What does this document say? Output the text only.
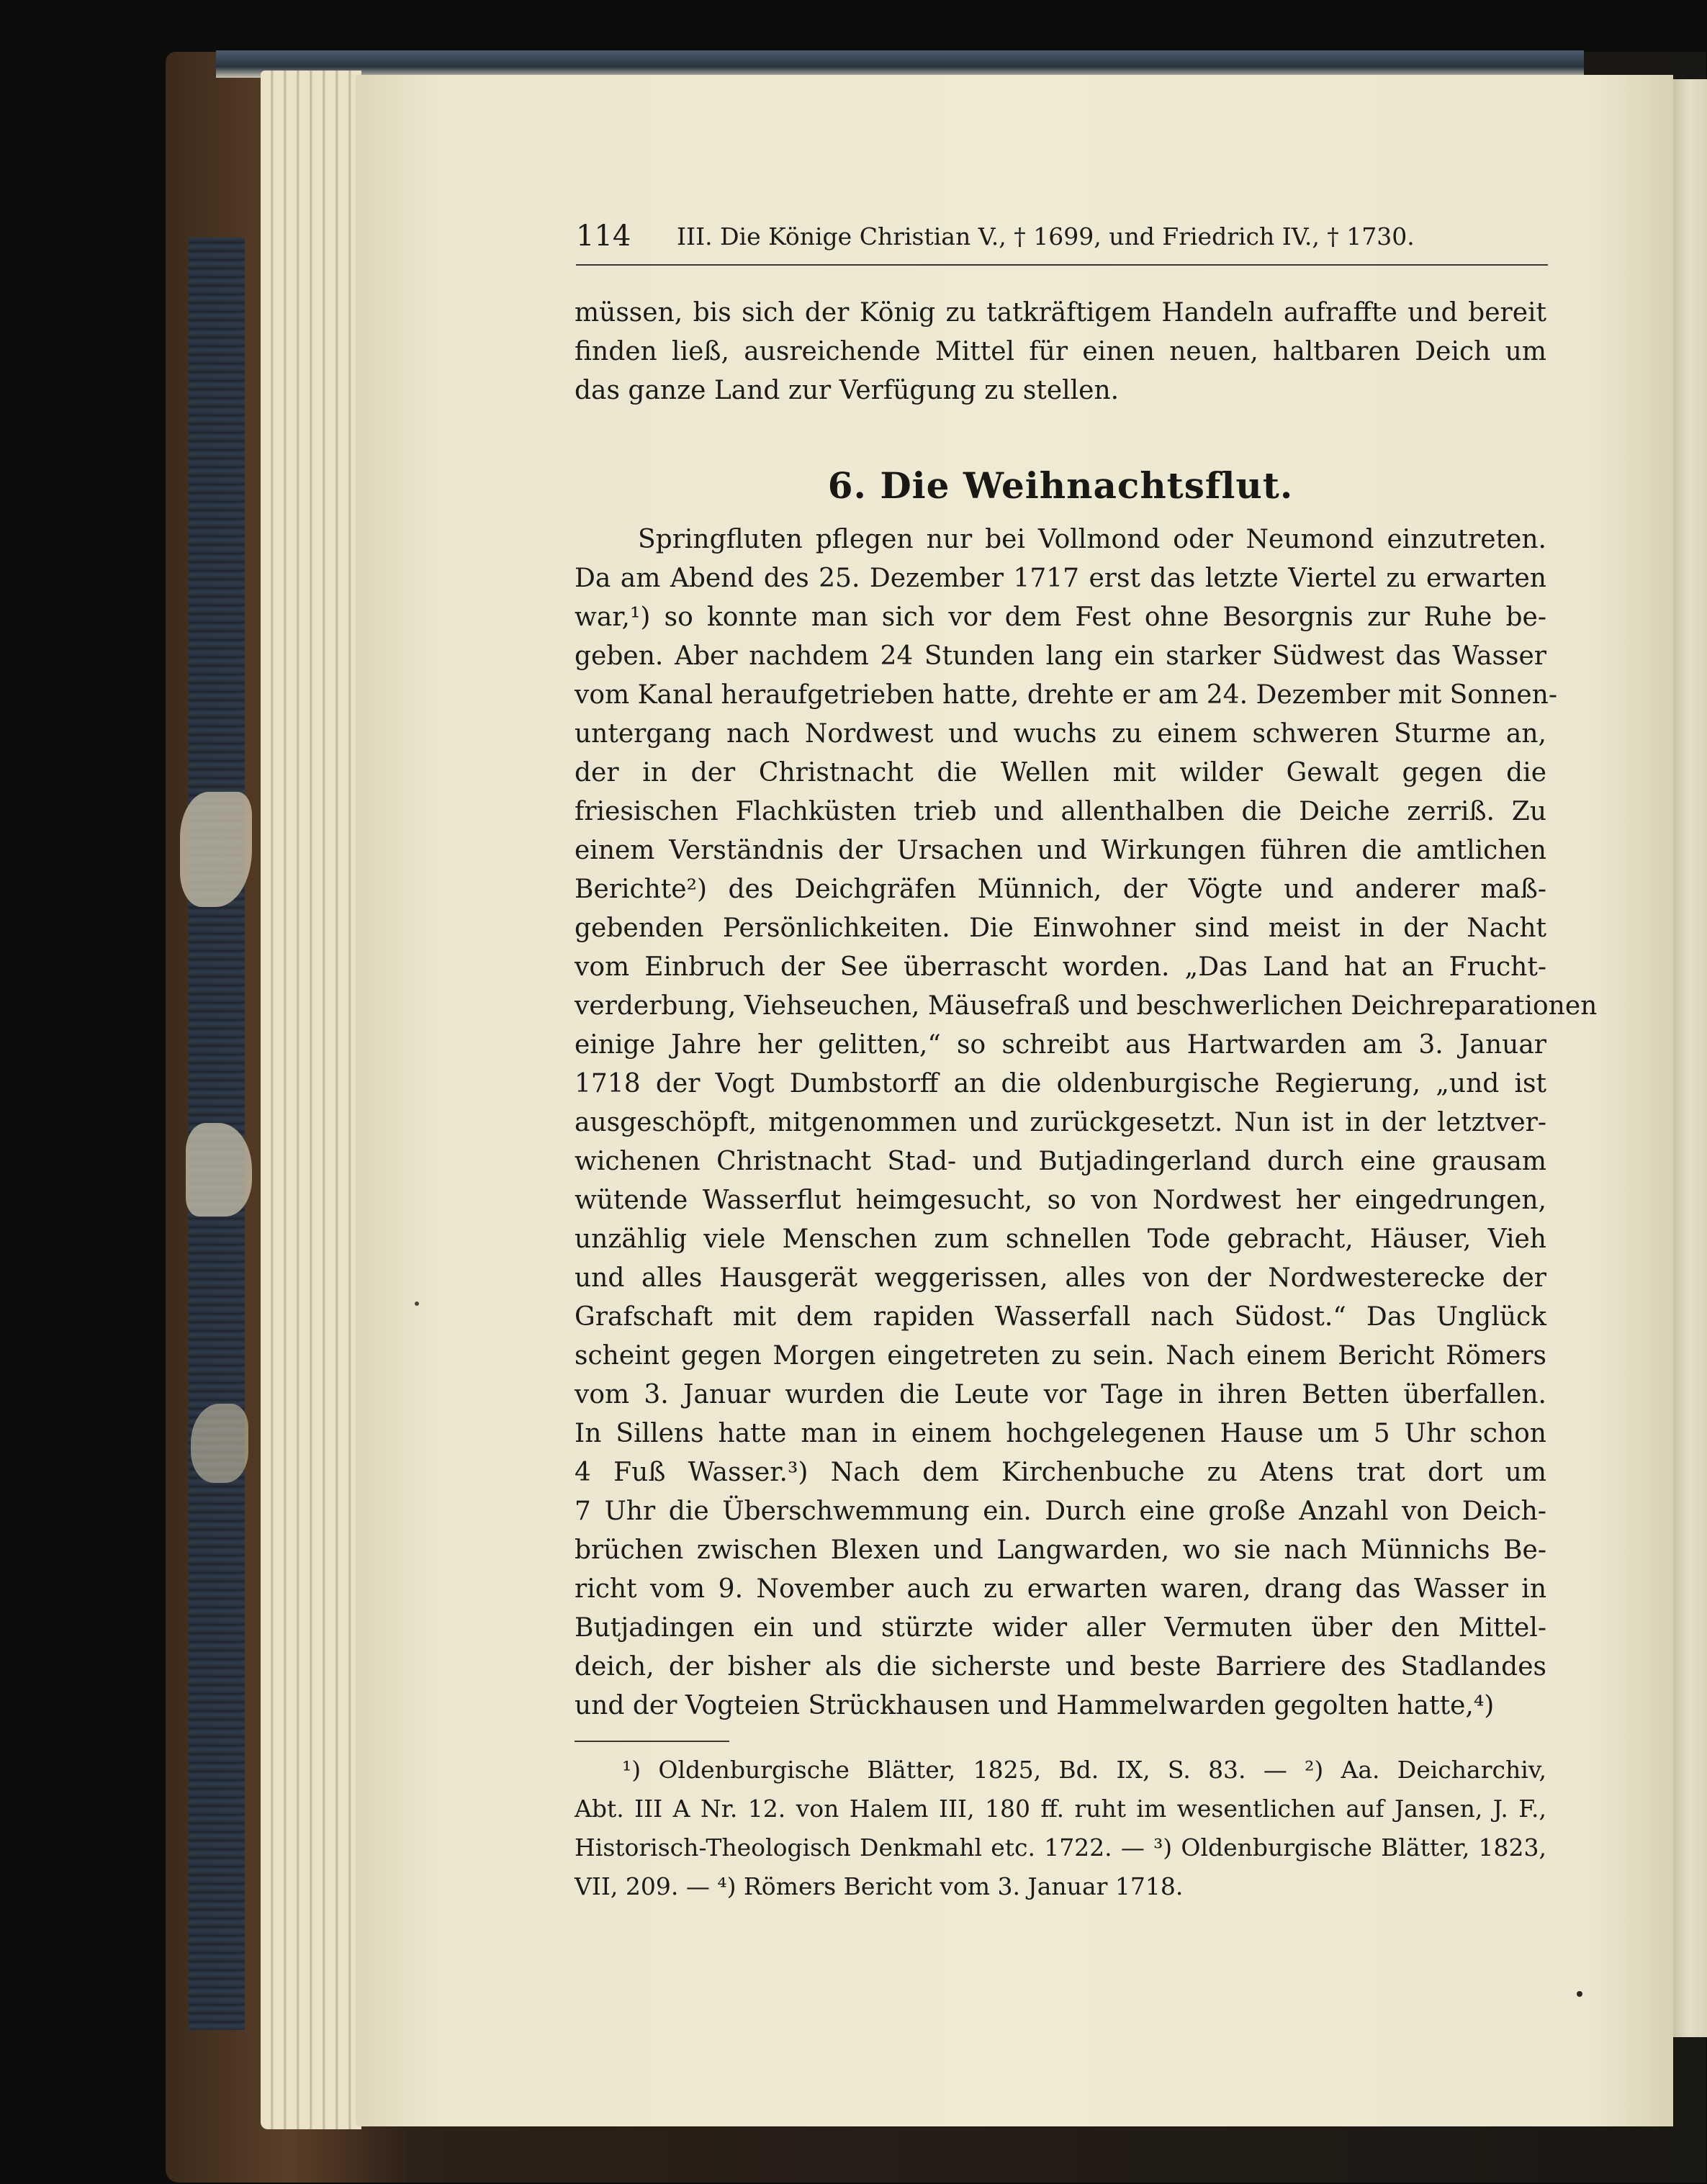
114 III. Die Könige Christian V., † 1699, und Friedrich IV., † 1730.
müssen, bis sich der König zu tatkräftigem Handeln aufraffte und bereit
finden ließ, ausreichende Mittel für einen neuen, haltbaren Deich um
das ganze Land zur Verfügung zu stellen.
6. Die Weihnachtsflut.
Springfluten pflegen nur bei Vollmond oder Neumond einzutreten.
Da am Abend des 25. Dezember 1717 erst das letzte Viertel zu erwarten
war,¹) so konnte man sich vor dem Fest ohne Besorgnis zur Ruhe be-
geben. Aber nachdem 24 Stunden lang ein starker Südwest das Wasser
vom Kanal heraufgetrieben hatte, drehte er am 24. Dezember mit Sonnen-
untergang nach Nordwest und wuchs zu einem schweren Sturme an,
der in der Christnacht die Wellen mit wilder Gewalt gegen die
friesischen Flachküsten trieb und allenthalben die Deiche zerriß. Zu
einem Verständnis der Ursachen und Wirkungen führen die amtlichen
Berichte²) des Deichgräfen Münnich, der Vögte und anderer maß-
gebenden Persönlichkeiten. Die Einwohner sind meist in der Nacht
vom Einbruch der See überrascht worden. „Das Land hat an Frucht-
verderbung, Viehseuchen, Mäusefraß und beschwerlichen Deichreparationen
einige Jahre her gelitten,“ so schreibt aus Hartwarden am 3. Januar
1718 der Vogt Dumbstorff an die oldenburgische Regierung, „und ist
ausgeschöpft, mitgenommen und zurückgesetzt. Nun ist in der letztver-
wichenen Christnacht Stad- und Butjadingerland durch eine grausam
wütende Wasserflut heimgesucht, so von Nordwest her eingedrungen,
unzählig viele Menschen zum schnellen Tode gebracht, Häuser, Vieh
und alles Hausgerät weggerissen, alles von der Nordwesterecke der
Grafschaft mit dem rapiden Wasserfall nach Südost.“ Das Unglück
scheint gegen Morgen eingetreten zu sein. Nach einem Bericht Römers
vom 3. Januar wurden die Leute vor Tage in ihren Betten überfallen.
In Sillens hatte man in einem hochgelegenen Hause um 5 Uhr schon
4 Fuß Wasser.³) Nach dem Kirchenbuche zu Atens trat dort um
7 Uhr die Überschwemmung ein. Durch eine große Anzahl von Deich-
brüchen zwischen Blexen und Langwarden, wo sie nach Münnichs Be-
richt vom 9. November auch zu erwarten waren, drang das Wasser in
Butjadingen ein und stürzte wider aller Vermuten über den Mittel-
deich, der bisher als die sicherste und beste Barriere des Stadlandes
und der Vogteien Strückhausen und Hammelwarden gegolten hatte,⁴)
¹) Oldenburgische Blätter, 1825, Bd. IX, S. 83. — ²) Aa. Deicharchiv,
Abt. III A Nr. 12. von Halem III, 180 ff. ruht im wesentlichen auf Jansen, J. F.,
Historisch-Theologisch Denkmahl etc. 1722. — ³) Oldenburgische Blätter, 1823,
VII, 209. — ⁴) Römers Bericht vom 3. Januar 1718.
